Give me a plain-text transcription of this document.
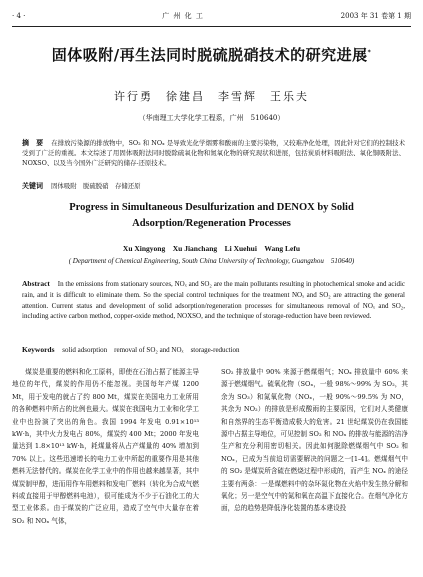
· 4 ·	广 州 化 工	2003 年 31 卷第 1 期
固体吸附/再生法同时脱硫脱硝技术的研究进展*
许行勇　徐建昌　李雪辉　王乐夫
（华南理工大学化学工程系，广州　510640）
摘　要 在排放污染源的排放物中，SO₂ 和 NOₓ 是导致光化学烟雾和酸雨的主要污染物，又较难净化处理，因此针对它们的控制技术受到了广泛的重视。本文综述了用固体吸附法同时脱除硫氧化物和氮氧化物的研究现状和进展，包括炭质材料吸附法、氧化铜吸附法、NOXSO、以及当今国外广泛研究的储存-还原技术。
关键词 固体吸附　脱硫脱硝　存储还原
Progress in Simultaneous Desulfurization and DENOX by Solid
Adsorption/Regeneration Processes
Xu Xingyong　Xu Jianchang　Li Xuehui　Wang Lefu
( Department of Chemical Engineering, South China University of Technology, Guangzhou　510640)
Abstract In the emissions from stationary sources, NOₓ and SO₂ are the main pollutants resulting in photochemical smoke and acidic rain, and it is difficult to eliminate them. So the special control techniques for the treatment NOₓ and SO₂ are attracting the general attention. Current status and development of solid adsorption/regeneration processes for simultaneous removal of NOₓ and SO₂, including active carbon method, copper-oxide method, NOXSO, and the technique of storage-reduction have been reviewed.
Keywords solid adsorption　removal of SO₂ and NOₓ　storage-reduction

煤炭是重要的燃料和化工原料，即使在石油占据了能源主导地位的年代，煤炭的作用仍不能忽视。美国每年产煤 1200 Mt，用于发电的就占了约 800 Mt，煤炭在美国电力工业所用的各种燃料中所占的比例也最大。煤炭在我国电力工业和化学工业中也扮演了突出的角色。我国 1994 年发电 0.91×10¹³ kW·h，其中火力发电占 80%，煤炭约 400 Mt；2000 年发电量达到 1.8×10¹³ kW·h，耗煤量将从占产煤量的 40% 增加到 70% 以上。这些迅速增长的电力工业中所起的重要作用是其他燃料无法替代的。煤炭在化学工业中的作用也越来越显著，其中煤炭制甲醇，进而用作车用燃料和发电厂燃料（转化为合成气燃料或直接用于甲醇燃料电池），很可能成为不少于石油化工的大型工业体系。由于煤炭的广泛应用，造成了空气中大量存在着 SO₂ 和 NOₓ 气体，

SO₂ 排放量中 90% 来源于燃煤烟气；NOₓ 排放量中 60% 来源于燃煤烟气。硫氧化物（SOₓ，一般 98%～99% 为 SO₂，其余为 SO₃）和氮氧化物（NOₓ，一般 90%～99.5% 为 NO，其余为 NO₂）的排放是形成酸雨的主要原因，它们对人类健康和自然界的生态平衡造成极大的危害。21 世纪煤炭仍在我国能源中占据主导地位，可见控制 SO₂ 和 NOₓ 的排放与能源的洁净生产和充分利用密切相关。因此如何脱除燃煤烟气中 SO₂ 和 NOₓ，已成为当前迫切需要解决的问题之一[1-4]。燃煤烟气中的 SO₂ 是煤炭所含硫在燃烧过程中形成的，而产生 NOₓ 的途径主要有两条：一是煤燃料中的杂环氮化物在火焰中发生热分解和氧化；另一是空气中的氮和氧在高温下直接化合。在烟气净化方面，总的趋势是降低净化装置的基本建设投
